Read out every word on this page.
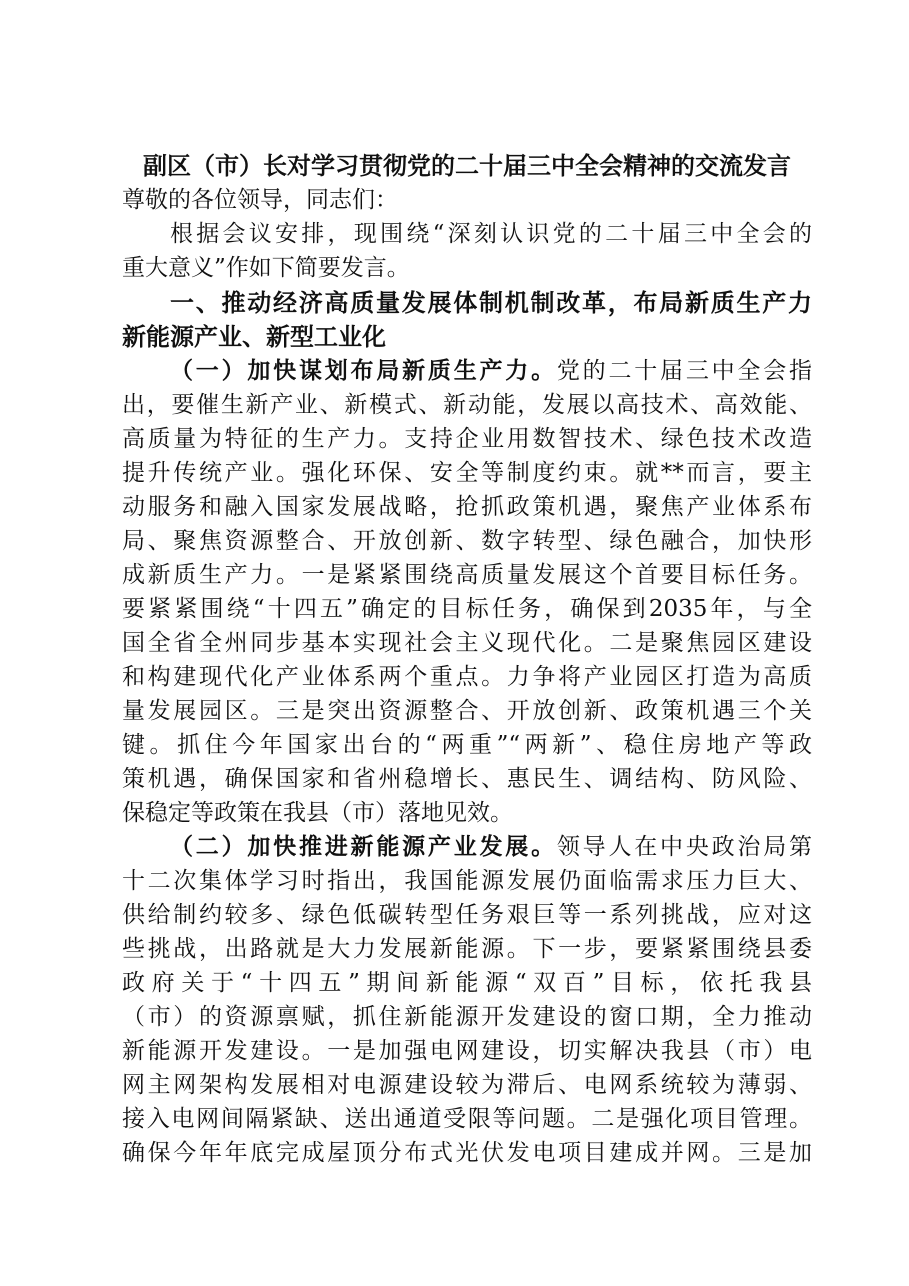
副区（市）长对学习贯彻党的二十届三中全会精神的交流发言
尊敬的各位领导，同志们：
根据会议安排，现围绕“深刻认识党的二十届三中全会的
重大意义”作如下简要发言。
一、推动经济高质量发展体制机制改革，布局新质生产力
新能源产业、新型工业化
（一）加快谋划布局新质生产力。党的二十届三中全会指
出，要催生新产业、新模式、新动能，发展以高技术、高效能、
高质量为特征的生产力。支持企业用数智技术、绿色技术改造
提升传统产业。强化环保、安全等制度约束。就**而言，要主
动服务和融入国家发展战略，抢抓政策机遇，聚焦产业体系布
局、聚焦资源整合、开放创新、数字转型、绿色融合，加快形
成新质生产力。一是紧紧围绕高质量发展这个首要目标任务。
要紧紧围绕“十四五”确定的目标任务，确保到2035年，与全
国全省全州同步基本实现社会主义现代化。二是聚焦园区建设
和构建现代化产业体系两个重点。力争将产业园区打造为高质
量发展园区。三是突出资源整合、开放创新、政策机遇三个关
键。抓住今年国家出台的“两重”“两新”、稳住房地产等政
策机遇，确保国家和省州稳增长、惠民生、调结构、防风险、
保稳定等政策在我县（市）落地见效。
（二）加快推进新能源产业发展。领导人在中央政治局第
十二次集体学习时指出，我国能源发展仍面临需求压力巨大、
供给制约较多、绿色低碳转型任务艰巨等一系列挑战，应对这
些挑战，出路就是大力发展新能源。下一步，要紧紧围绕县委
政府关于“十四五”期间新能源“双百”目标，依托我县
（市）的资源禀赋，抓住新能源开发建设的窗口期，全力推动
新能源开发建设。一是加强电网建设，切实解决我县（市）电
网主网架构发展相对电源建设较为滞后、电网系统较为薄弱、
接入电网间隔紧缺、送出通道受限等问题。二是强化项目管理。
确保今年年底完成屋顶分布式光伏发电项目建成并网。三是加
